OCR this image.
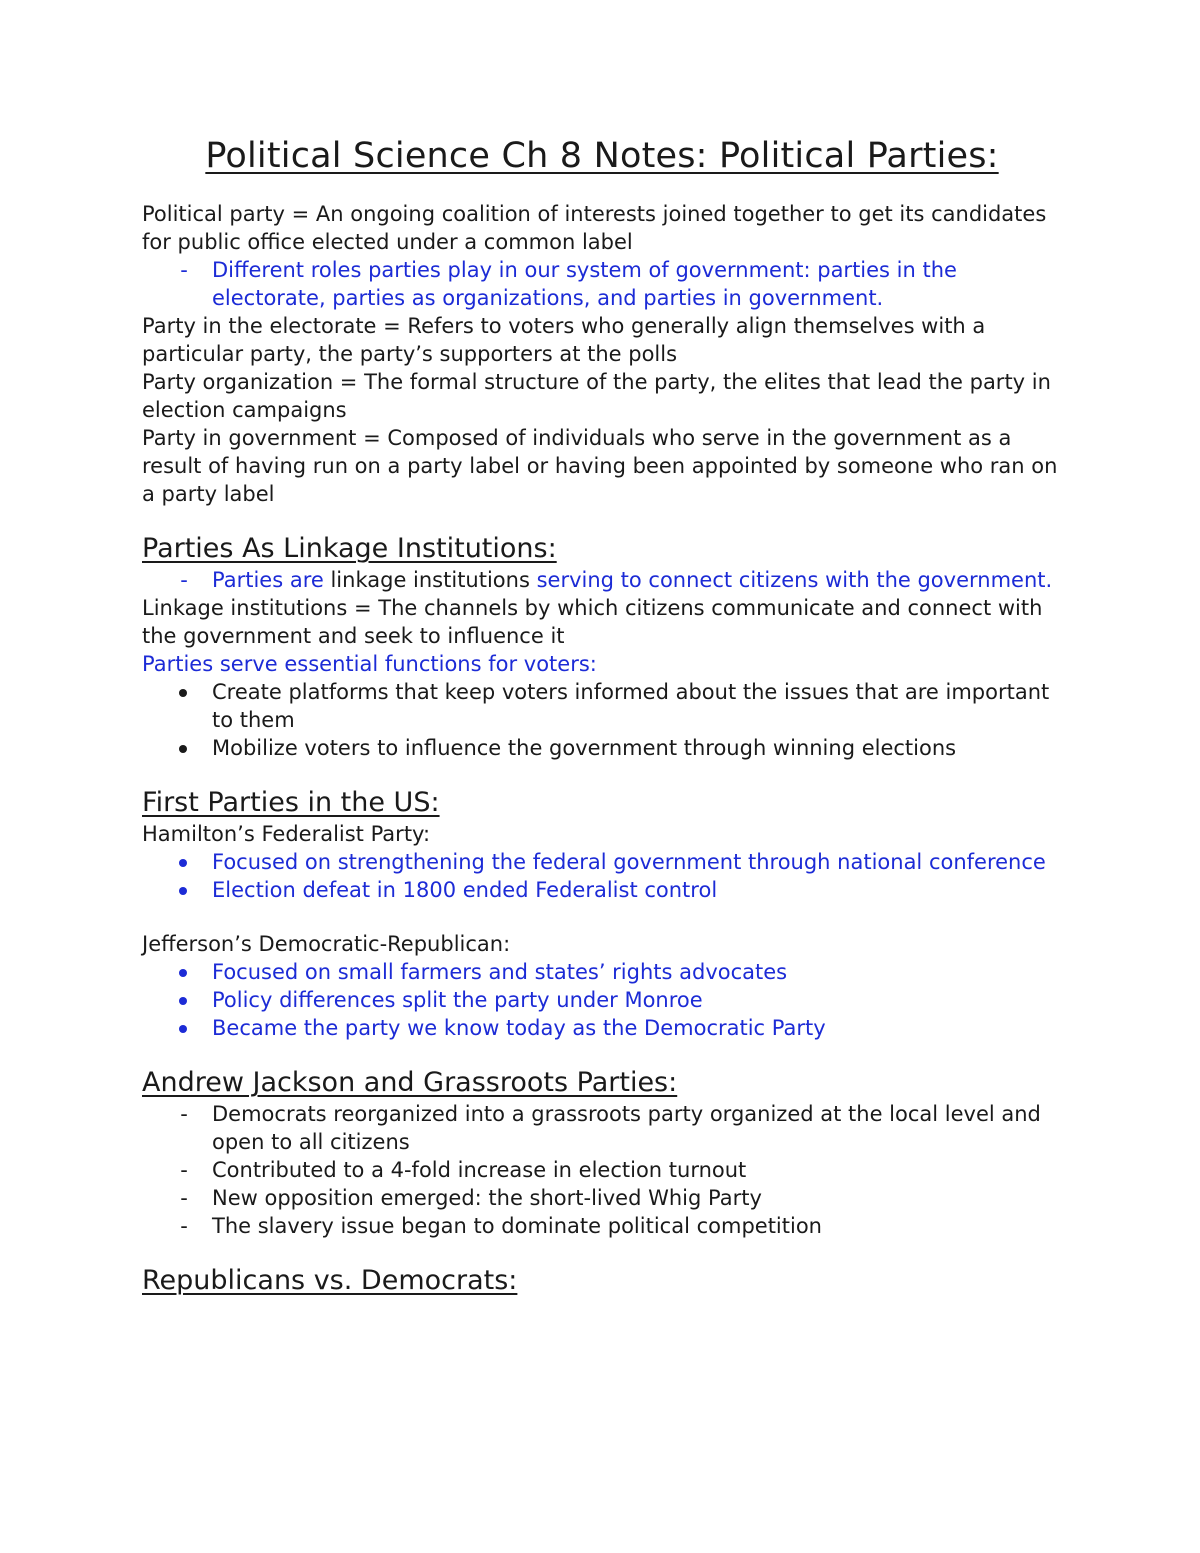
Political Science Ch 8 Notes: Political Parties:

Political party = An ongoing coalition of interests joined together to get its candidates for public office elected under a common label

-
Different roles parties play in our system of government: parties in the electorate, parties as organizations, and parties in government.

Party in the electorate = Refers to voters who generally align themselves with a particular party, the party’s supporters at the polls

Party organization = The formal structure of the party, the elites that lead the party in election campaigns

Party in government = Composed of individuals who serve in the government as a result of having run on a party label or having been appointed by someone who ran on a party label

Parties As Linkage Institutions:
-
Parties are linkage institutions serving to connect citizens with the government.

Linkage institutions = The channels by which citizens communicate and connect with the government and seek to influence it

Parties serve essential functions for voters:

Create platforms that keep voters informed about the issues that are important to them
Mobilize voters to influence the government through winning elections
First Parties in the US:

Hamilton’s Federalist Party:

Focused on strengthening the federal government through national conference
Election defeat in 1800 ended Federalist control

Jefferson’s Democratic-Republican:

Focused on small farmers and states’ rights advocates
Policy differences split the party under Monroe
Became the party we know today as the Democratic Party
Andrew Jackson and Grassroots Parties:
-
Democrats reorganized into a grassroots party organized at the local level and open to all citizens
-
Contributed to a 4-fold increase in election turnout
-
New opposition emerged: the short-lived Whig Party
-
The slavery issue began to dominate political competition
Republicans vs. Democrats:
